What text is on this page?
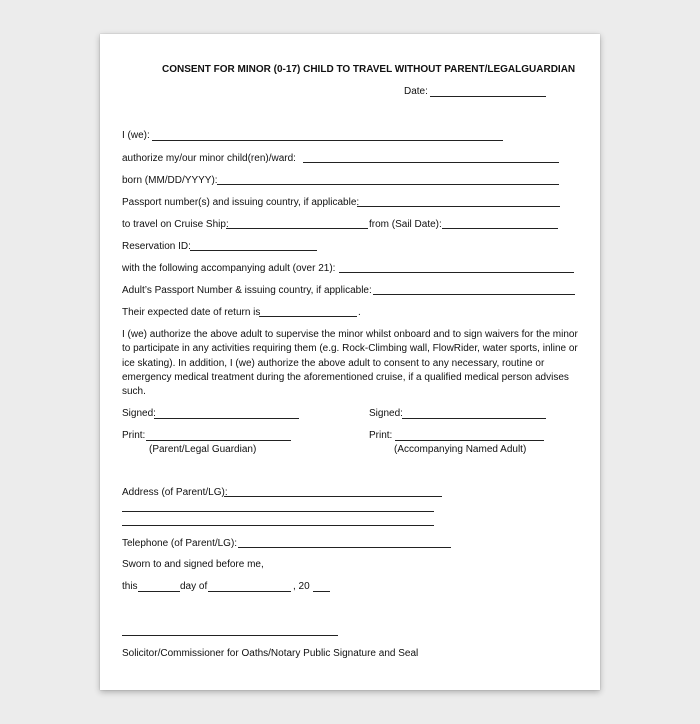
CONSENT FOR MINOR (0-17) CHILD TO TRAVEL WITHOUT PARENT/LEGALGUARDIAN
Date:
I (we):
authorize my/our minor child(ren)/ward:
born (MM/DD/YYYY):
Passport number(s) and issuing country, if applicable:
to travel on Cruise Ship:	from (Sail Date):
Reservation ID:
with the following accompanying adult (over 21):
Adult’s Passport Number & issuing country, if applicable:
Their expected date of return is	.
I (we) authorize the above adult to supervise the minor whilst onboard and to sign waivers for the minor to participate in any activities requiring them (e.g. Rock-Climbing wall, FlowRider, water sports, inline or ice skating). In addition, I (we) authorize the above adult to consent to any necessary, routine or emergency medical treatment during the aforementioned cruise, if a qualified medical person advises such.
Signed:	Signed:
Print:	Print:
(Parent/Legal Guardian)	(Accompanying Named Adult)
Address (of Parent/LG):
Telephone (of Parent/LG):
Sworn to and signed before me,
this	day of	, 20
Solicitor/Commissioner for Oaths/Notary Public Signature and Seal
